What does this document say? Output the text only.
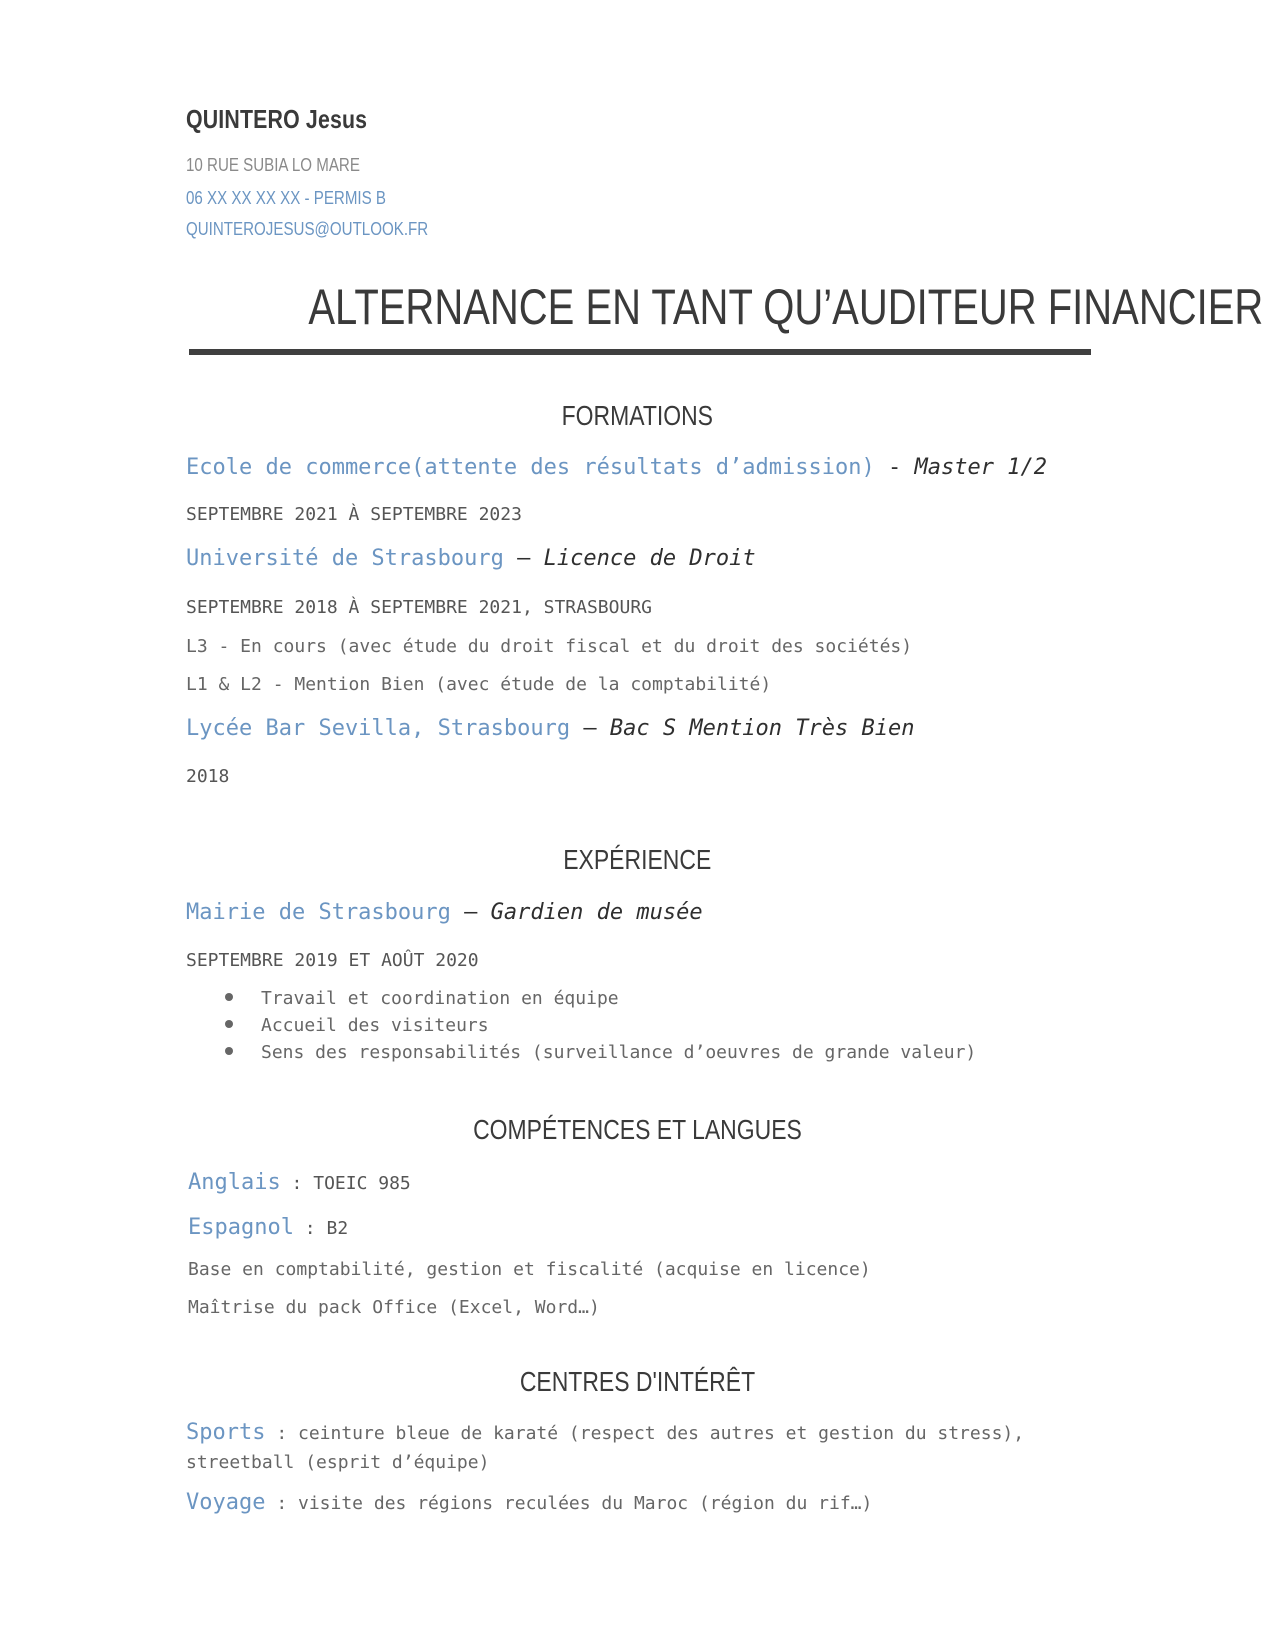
QUINTERO Jesus
10 RUE SUBIA LO MARE
06 XX XX XX XX - PERMIS B
QUINTEROJESUS@OUTLOOK.FR
ALTERNANCE EN TANT QU’AUDITEUR FINANCIER
FORMATIONS
Ecole de commerce(attente des résultats d’admission) - Master 1/2
SEPTEMBRE 2021 À SEPTEMBRE 2023
Université de Strasbourg — Licence de Droit
SEPTEMBRE 2018 À SEPTEMBRE 2021, STRASBOURG
L3 - En cours (avec étude du droit fiscal et du droit des sociétés)
L1 & L2 - Mention Bien (avec étude de la comptabilité)
Lycée Bar Sevilla, Strasbourg — Bac S Mention Très Bien
2018
EXPÉRIENCE
Mairie de Strasbourg — Gardien de musée
SEPTEMBRE 2019 ET AOÛT 2020
Travail et coordination en équipe
Accueil des visiteurs
Sens des responsabilités (surveillance d’oeuvres de grande valeur)
COMPÉTENCES ET LANGUES
Anglais : TOEIC 985
Espagnol : B2
Base en comptabilité, gestion et fiscalité (acquise en licence)
Maîtrise du pack Office (Excel, Word…)
CENTRES D'INTÉRÊT
Sports : ceinture bleue de karaté (respect des autres et gestion du stress),
streetball (esprit d’équipe)
Voyage : visite des régions reculées du Maroc (région du rif…)
